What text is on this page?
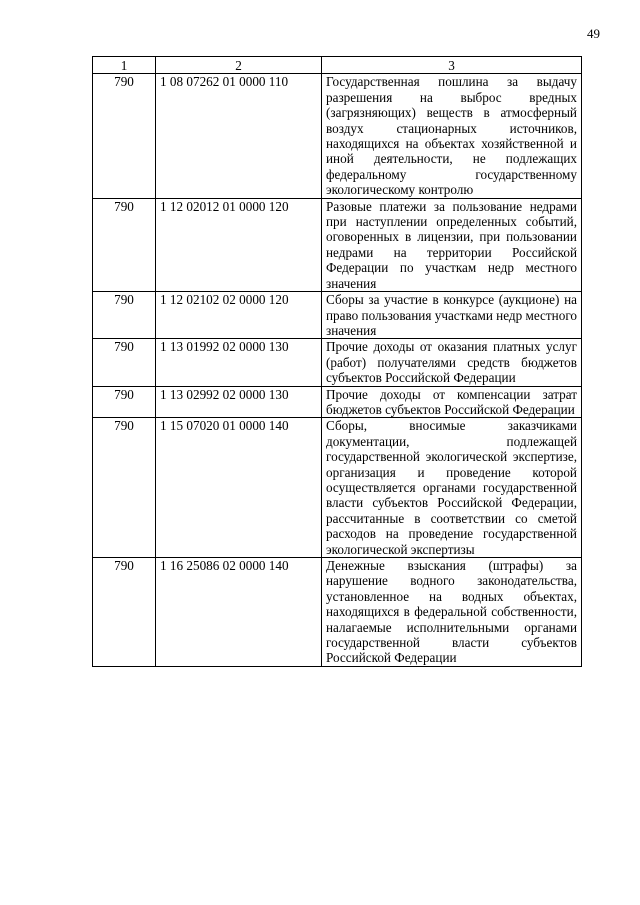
49
1	2	3
790	1 08 07262 01 0000 110	Государственная пошлина за выдачу разрешения на выброс вредных (загрязняющих) веществ в атмосферный воздух стационарных источников, находящихся на объектах хозяйственной и иной деятельности, не подлежащих федеральному государственному экологическому контролю
790	1 12 02012 01 0000 120	Разовые платежи за пользование недрами при наступлении определенных событий, оговоренных в лицензии, при пользовании недрами на территории Российской Федерации по участкам недр местного значения
790	1 12 02102 02 0000 120	Сборы за участие в конкурсе (аукционе) на право пользования участками недр местного значения
790	1 13 01992 02 0000 130	Прочие доходы от оказания платных услуг (работ) получателями средств бюджетов субъектов Российской Федерации
790	1 13 02992 02 0000 130	Прочие доходы от компенсации затрат бюджетов субъектов Российской Федерации
790	1 15 07020 01 0000 140	Сборы, вносимые заказчиками документации, подлежащей государственной экологической экспертизе, организация и проведение которой осуществляется органами государственной власти субъектов Российской Федерации, рассчитанные в соответствии со сметой расходов на проведение государственной экологической экспертизы
790	1 16 25086 02 0000 140	Денежные взыскания (штрафы) за нарушение водного законодательства, установленное на водных объектах, находящихся в федеральной собственности, налагаемые исполнительными органами государственной власти субъектов Российской Федерации
